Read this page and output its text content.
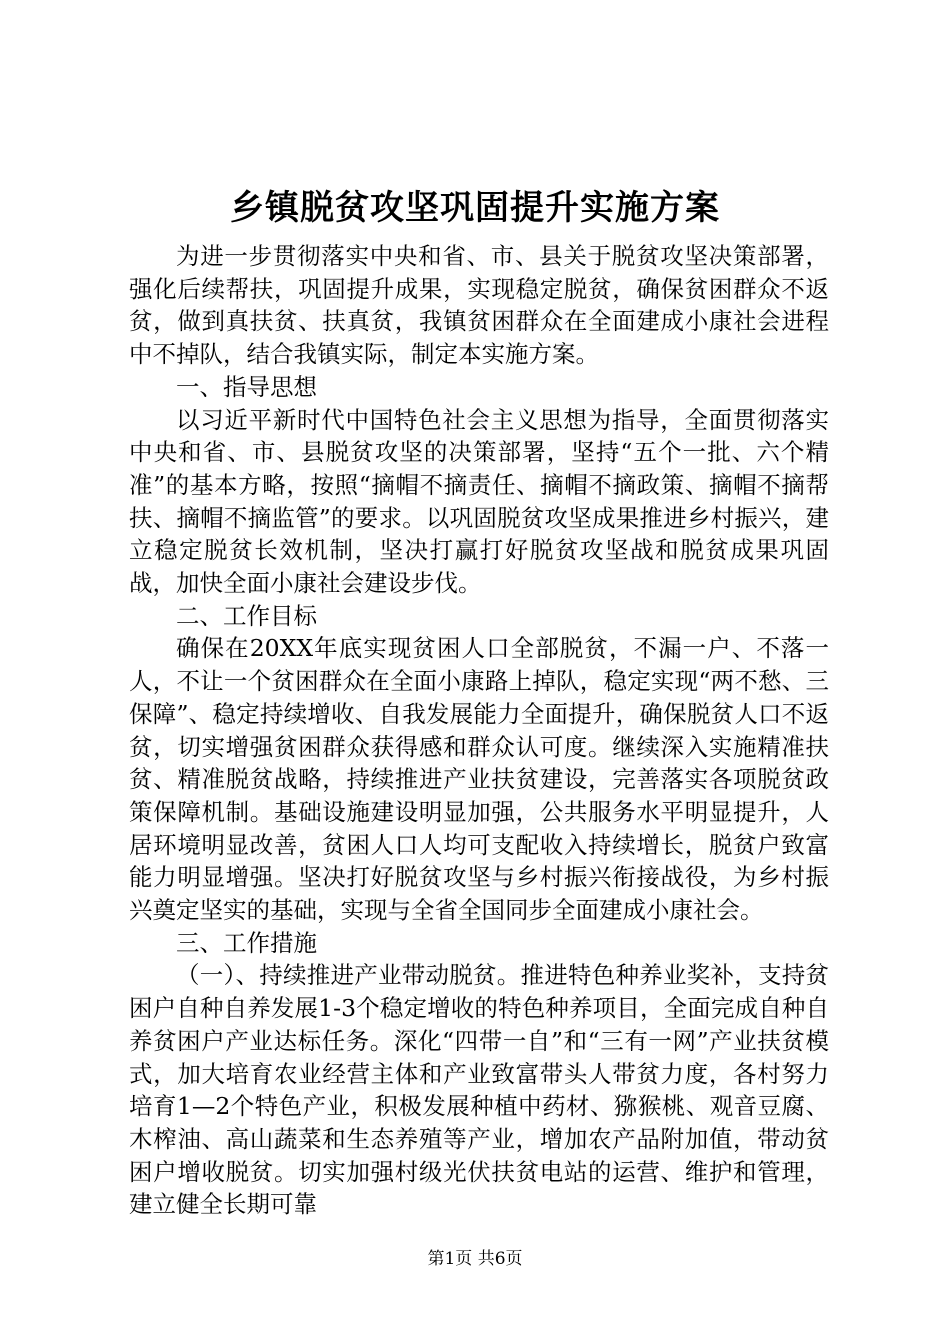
乡镇脱贫攻坚巩固提升实施方案

为进一步贯彻落实中央和省、市、县关于脱贫攻坚决策部署，强化后续帮扶，巩固提升成果，实现稳定脱贫，确保贫困群众不返贫，做到真扶贫、扶真贫，我镇贫困群众在全面建成小康社会进程中不掉队，结合我镇实际，制定本实施方案。

一、指导思想

以习近平新时代中国特色社会主义思想为指导，全面贯彻落实中央和省、市、县脱贫攻坚的决策部署，坚持“五个一批、六个精准”的基本方略，按照“摘帽不摘责任、摘帽不摘政策、摘帽不摘帮扶、摘帽不摘监管”的要求。以巩固脱贫攻坚成果推进乡村振兴，建立稳定脱贫长效机制，坚决打赢打好脱贫攻坚战和脱贫成果巩固战，加快全面小康社会建设步伐。

二、工作目标

确保在20XX年底实现贫困人口全部脱贫，不漏一户、不落一人，不让一个贫困群众在全面小康路上掉队，稳定实现“两不愁、三保障”、稳定持续增收、自我发展能力全面提升，确保脱贫人口不返贫，切实增强贫困群众获得感和群众认可度。继续深入实施精准扶贫、精准脱贫战略，持续推进产业扶贫建设，完善落实各项脱贫政策保障机制。基础设施建设明显加强，公共服务水平明显提升，人居环境明显改善，贫困人口人均可支配收入持续增长，脱贫户致富能力明显增强。坚决打好脱贫攻坚与乡村振兴衔接战役，为乡村振兴奠定坚实的基础，实现与全省全国同步全面建成小康社会。

三、工作措施

（一）、持续推进产业带动脱贫。推进特色种养业奖补，支持贫困户自种自养发展1-3个稳定增收的特色种养项目，全面完成自种自养贫困户产业达标任务。深化“四带一自”和“三有一网”产业扶贫模式，加大培育农业经营主体和产业致富带头人带贫力度，各村努力培育1—2个特色产业，积极发展种植中药材、猕猴桃、观音豆腐、木榨油、高山蔬菜和生态养殖等产业，增加农产品附加值，带动贫困户增收脱贫。切实加强村级光伏扶贫电站的运营、维护和管理，建立健全长期可靠

第1页 共6页
